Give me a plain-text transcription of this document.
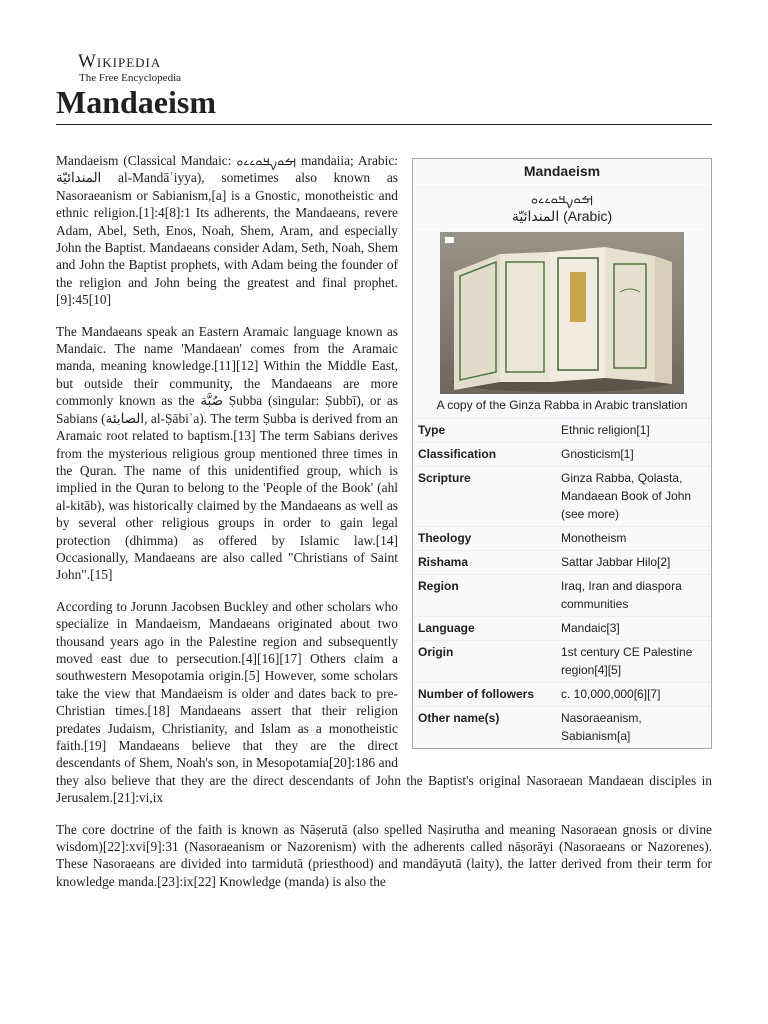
Wikipedia
The Free Encyclopedia
Mandaeism
Mandaeism
ࡌࡀࡍࡃࡀࡉࡉࡀ
المندائيّة (Arabic)
A copy of the Ginza Rabba in Arabic translation
Type	Ethnic religion[1]
Classification	Gnosticism[1]
Scripture	Ginza Rabba, Qolasta, Mandaean Book of John (see more)
Theology	Monotheism
Rishama	Sattar Jabbar Hilo[2]
Region	Iraq, Iran and diaspora communities
Language	Mandaic[3]
Origin	1st century CE Palestine region[4][5]
Number of followers	c. 10,000,000[6][7]
Other name(s)	Nasoraeanism, Sabianism[a]

Mandaeism (Classical Mandaic: ࡌࡀࡍࡃࡀࡉࡉࡀ mandaiia; Arabic: المندائيّة al-Mandāʾiyya), sometimes also known as Nasoraeanism or Sabianism,[a] is a Gnostic, monotheistic and ethnic religion.[1]:4[8]:1 Its adherents, the Mandaeans, revere Adam, Abel, Seth, Enos, Noah, Shem, Aram, and especially John the Baptist. Mandaeans consider Adam, Seth, Noah, Shem and John the Baptist prophets, with Adam being the founder of the religion and John being the greatest and final prophet.[9]:45[10]

The Mandaeans speak an Eastern Aramaic language known as Mandaic. The name 'Mandaean' comes from the Aramaic manda, meaning knowledge.[11][12] Within the Middle East, but outside their community, the Mandaeans are more commonly known as the صُبَّة Ṣubba (singular: Ṣubbī), or as Sabians (الصابئة, al-Ṣābiʾa). The term Ṣubba is derived from an Aramaic root related to baptism.[13] The term Sabians derives from the mysterious religious group mentioned three times in the Quran. The name of this unidentified group, which is implied in the Quran to belong to the 'People of the Book' (ahl al-kitāb), was historically claimed by the Mandaeans as well as by several other religious groups in order to gain legal protection (dhimma) as offered by Islamic law.[14] Occasionally, Mandaeans are also called "Christians of Saint John".[15]

According to Jorunn Jacobsen Buckley and other scholars who specialize in Mandaeism, Mandaeans originated about two thousand years ago in the Palestine region and subsequently moved east due to persecution.[4][16][17] Others claim a southwestern Mesopotamia origin.[5] However, some scholars take the view that Mandaeism is older and dates back to pre-Christian times.[18] Mandaeans assert that their religion predates Judaism, Christianity, and Islam as a monotheistic faith.[19] Mandaeans believe that they are the direct descendants of Shem, Noah's son, in Mesopotamia[20]:186 and they also believe that they are the direct descendants of John the Baptist's original Nasoraean Mandaean disciples in Jerusalem.[21]:vi,ix

The core doctrine of the faith is known as Nāṣerutā (also spelled Naṣiruthа and meaning Nasoraean gnosis or divine wisdom)[22]:xvi[9]:31 (Nasoraeanism or Nazorenism) with the adherents called nāṣorāyi (Nasoraeans or Nazorenes). These Nasoraeans are divided into tarmidutā (priesthood) and mandāyutā (laity), the latter derived from their term for knowledge manda.[23]:ix[22] Knowledge (manda) is also the
